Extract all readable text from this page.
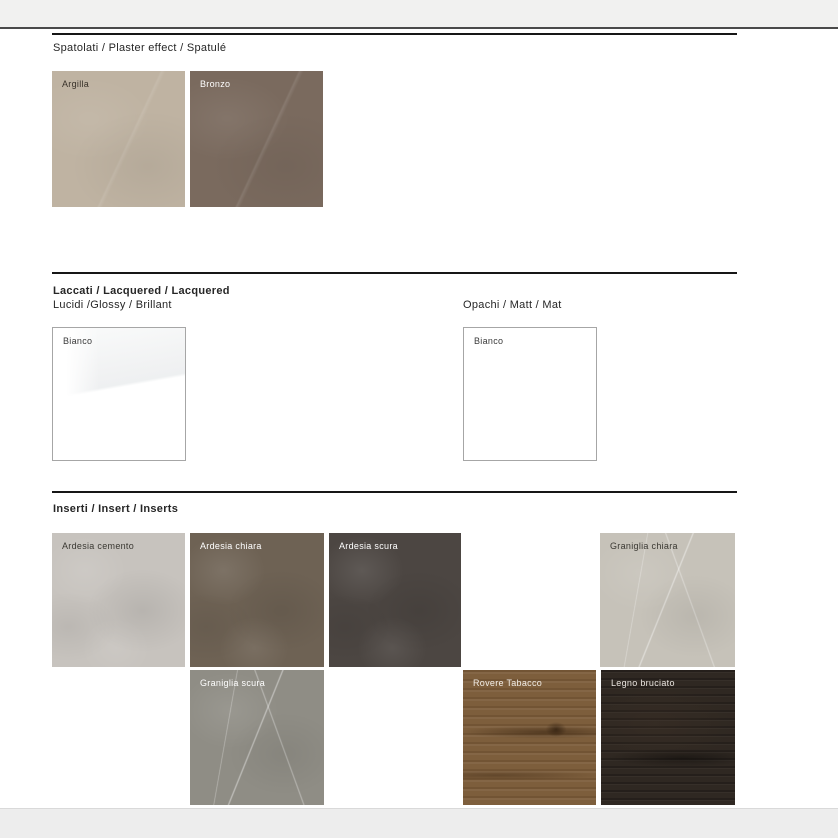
Spatolati / Plaster effect / Spatulé
Argilla	Bronzo
Laccati / Lacquered / Lacquered
Lucidi /Glossy / Brillant	Opachi / Matt / Mat
Bianco	Bianco
Inserti / Insert / Inserts
Ardesia cemento	Ardesia chiara	Ardesia scura	Graniglia chiara
Graniglia scura	Rovere Tabacco	Legno bruciato
